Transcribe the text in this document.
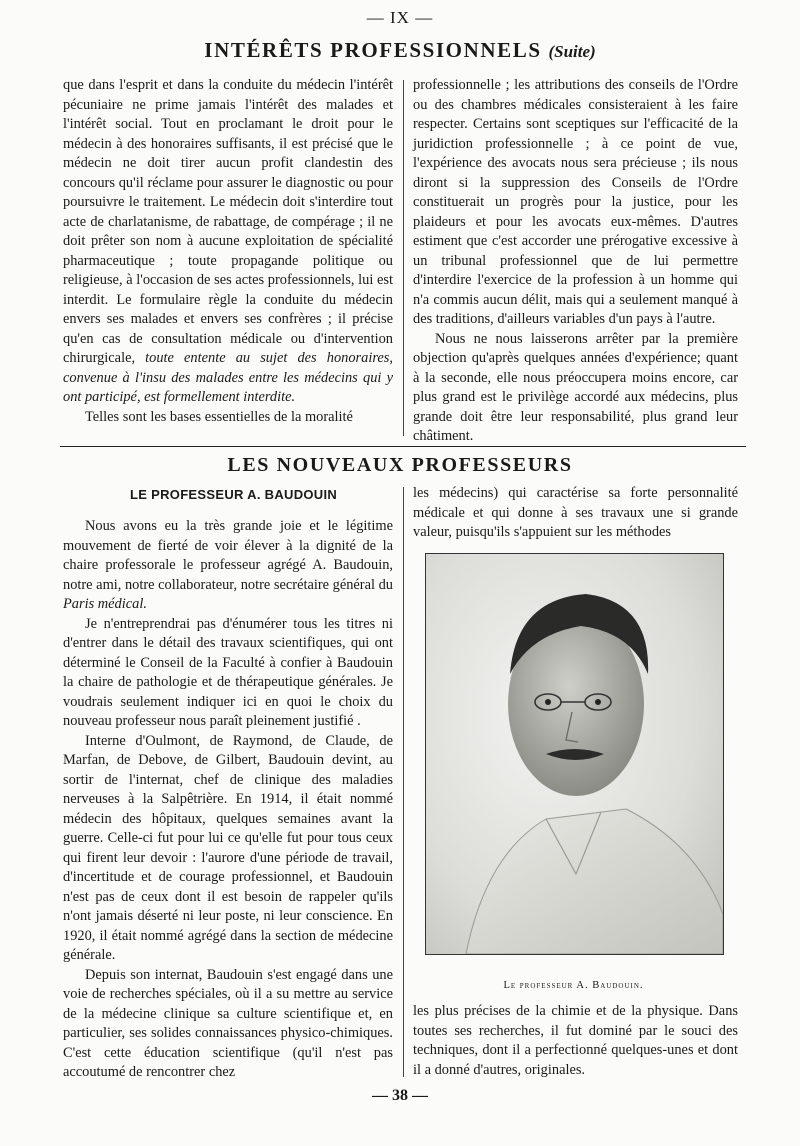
— IX —
INTÉRÊTS PROFESSIONNELS (Suite)

que dans l'esprit et dans la conduite du médecin l'intérêt pécuniaire ne prime jamais l'intérêt des malades et l'intérêt social. Tout en proclamant le droit pour le médecin à des honoraires suffisants, il est précisé que le médecin ne doit tirer aucun profit clandestin des concours qu'il réclame pour assurer le diagnostic ou pour poursuivre le traitement. Le médecin doit s'interdire tout acte de charlatanisme, de rabattage, de compérage ; il ne doit prêter son nom à aucune exploitation de spécialité pharmaceutique ; toute propagande politique ou religieuse, à l'occasion de ses actes professionnels, lui est interdit. Le formulaire règle la conduite du médecin envers ses malades et envers ses confrères ; il précise qu'en cas de consultation médicale ou d'intervention chirurgicale, toute entente au sujet des honoraires, convenue à l'insu des malades entre les médecins qui y ont participé, est formellement interdite.

Telles sont les bases essentielles de la moralité

professionnelle ; les attributions des conseils de l'Ordre ou des chambres médicales consisteraient à les faire respecter. Certains sont sceptiques sur l'efficacité de la juridiction professionnelle ; à ce point de vue, l'expérience des avocats nous sera précieuse ; ils nous diront si la suppression des Conseils de l'Ordre constituerait un progrès pour la justice, pour les plaideurs et pour les avocats eux-mêmes. D'autres estiment que c'est accorder une prérogative excessive à un tribunal professionnel que de lui permettre d'interdire l'exercice de la profession à un homme qui n'a commis aucun délit, mais qui a seulement manqué à des traditions, d'ailleurs variables d'un pays à l'autre.

Nous ne nous laisserons arrêter par la première objection qu'après quelques années d'expérience; quant à la seconde, elle nous préoccupera moins encore, car plus grand est le privilège accordé aux médecins, plus grande doit être leur responsabilité, plus grand leur châtiment.

LES NOUVEAUX PROFESSEURS
LE PROFESSEUR A. BAUDOUIN

Nous avons eu la très grande joie et le légitime mouvement de fierté de voir élever à la dignité de la chaire professorale le professeur agrégé A. Baudouin, notre ami, notre collaborateur, notre secrétaire général du Paris médical.

Je n'entreprendrai pas d'énumérer tous les titres ni d'entrer dans le détail des travaux scientifiques, qui ont déterminé le Conseil de la Faculté à confier à Baudouin la chaire de pathologie et de thérapeutique générales. Je voudrais seulement indiquer ici en quoi le choix du nouveau professeur nous paraît pleinement justifié .

Interne d'Oulmont, de Raymond, de Claude, de Marfan, de Debove, de Gilbert, Baudouin devint, au sortir de l'internat, chef de clinique des maladies nerveuses à la Salpêtrière. En 1914, il était nommé médecin des hôpitaux, quelques semaines avant la guerre. Celle-ci fut pour lui ce qu'elle fut pour tous ceux qui firent leur devoir : l'aurore d'une période de travail, d'incertitude et de courage professionnel, et Baudouin n'est pas de ceux dont il est besoin de rappeler qu'ils n'ont jamais déserté ni leur poste, ni leur conscience. En 1920, il était nommé agrégé dans la section de médecine générale.

Depuis son internat, Baudouin s'est engagé dans une voie de recherches spéciales, où il a su mettre au service de la médecine clinique sa culture scientifique et, en particulier, ses solides connaissances physico-chimiques. C'est cette éducation scientifique (qu'il n'est pas accoutumé de rencontrer chez

les médecins) qui caractérise sa forte personnalité médicale et qui donne à ses travaux une si grande valeur, puisqu'ils s'appuient sur les méthodes
Le professeur A. Baudouin.
les plus précises de la chimie et de la physique. Dans toutes ses recherches, il fut dominé par le souci des techniques, dont il a perfectionné quelques-unes et dont il a donné d'autres, originales.
— 38 —
